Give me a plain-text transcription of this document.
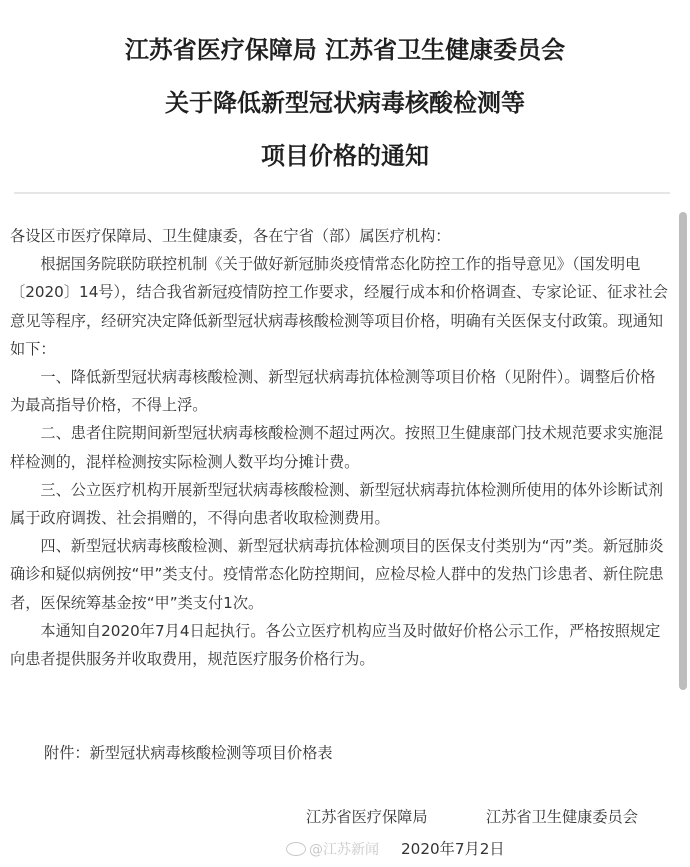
江苏省医疗保障局 江苏省卫生健康委员会
关于降低新型冠状病毒核酸检测等
项目价格的通知

各设区市医疗保障局、卫生健康委，各在宁省（部）属医疗机构：

根据国务院联防联控机制《关于做好新冠肺炎疫情常态化防控工作的指导意见》（国发明电〔2020〕14号），结合我省新冠疫情防控工作要求，经履行成本和价格调查、专家论证、征求社会意见等程序，经研究决定降低新型冠状病毒核酸检测等项目价格，明确有关医保支付政策。现通知如下：

一、降低新型冠状病毒核酸检测、新型冠状病毒抗体检测等项目价格（见附件）。调整后价格为最高指导价格，不得上浮。

二、患者住院期间新型冠状病毒核酸检测不超过两次。按照卫生健康部门技术规范要求实施混样检测的，混样检测按实际检测人数平均分摊计费。

三、公立医疗机构开展新型冠状病毒核酸检测、新型冠状病毒抗体检测所使用的体外诊断试剂属于政府调拨、社会捐赠的，不得向患者收取检测费用。

四、新型冠状病毒核酸检测、新型冠状病毒抗体检测项目的医保支付类别为“丙”类。新冠肺炎确诊和疑似病例按“甲”类支付。疫情常态化防控期间，应检尽检人群中的发热门诊患者、新住院患者，医保统筹基金按“甲”类支付1次。

本通知自2020年7月4日起执行。各公立医疗机构应当及时做好价格公示工作，严格按照规定向患者提供服务并收取费用，规范医疗服务价格行为。

附件：新型冠状病毒核酸检测等项目价格表
江苏省医疗保障局	江苏省卫生健康委员会
@江苏新闻 2020年7月2日
